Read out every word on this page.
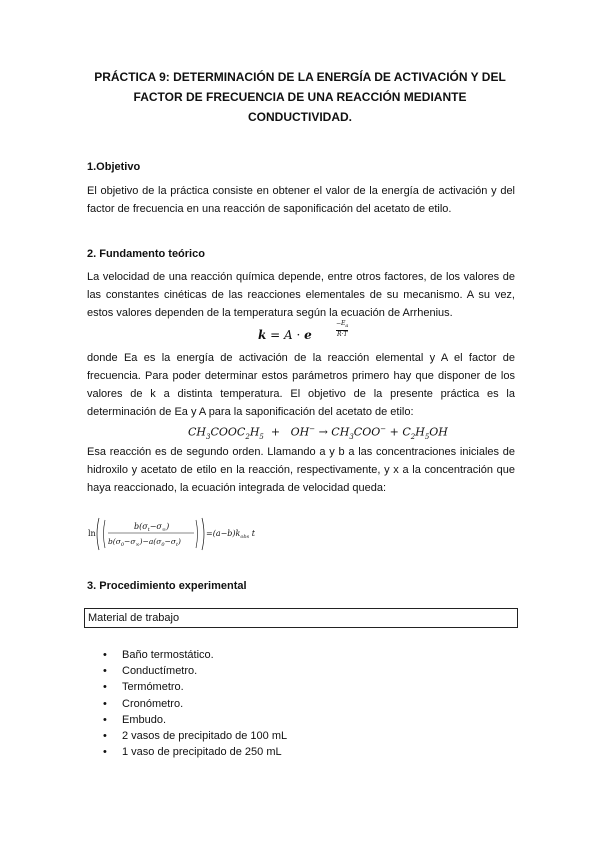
PRÁCTICA 9: DETERMINACIÓN DE LA ENERGÍA DE ACTIVACIÓN Y DEL FACTOR DE FRECUENCIA DE UNA REACCIÓN MEDIANTE CONDUCTIVIDAD.
1.Objetivo
El objetivo de la práctica consiste en obtener el valor de la energía de activación y del factor de frecuencia en una reacción de saponificación del acetato de etilo.
2. Fundamento teórico
La velocidad de una reacción química depende, entre otros factores, de los valores de las constantes cinéticas de las reacciones elementales de su mecanismo. A su vez, estos valores dependen de la temperatura según la ecuación de Arrhenius.
k = A · e
$-E_a$
R·T
donde Ea es la energía de activación de la reacción elemental y A el factor de frecuencia. Para poder determinar estos parámetros primero hay que disponer de los valores de k a distinta temperatura. El objetivo de la presente práctica es la determinación de Ea y A para la saponificación del acetato de etilo:
$CH_3COOC_2H_5 + OH^- \to CH_3COO^- + C_2H_5OH$
Esa reacción es de segundo orden. Llamando a y b a las concentraciones iniciales de hidroxilo y acetato de etilo en la reacción, respectivamente, y x a la concentración que haya reaccionado, la ecuación integrada de velocidad queda:
ln
$b(\sigma_t-\sigma_\infty)$
$b(\sigma_0-\sigma_\infty)-a(\sigma_0-\sigma_t)$
$=(a-b)k_{obs}$ t
3. Procedimiento experimental
Material de trabajo
• Baño termostático.
• Conductímetro.
• Termómetro.
• Cronómetro.
• Embudo.
• 2 vasos de precipitado de 100 mL
• 1 vaso de precipitado de 250 mL
